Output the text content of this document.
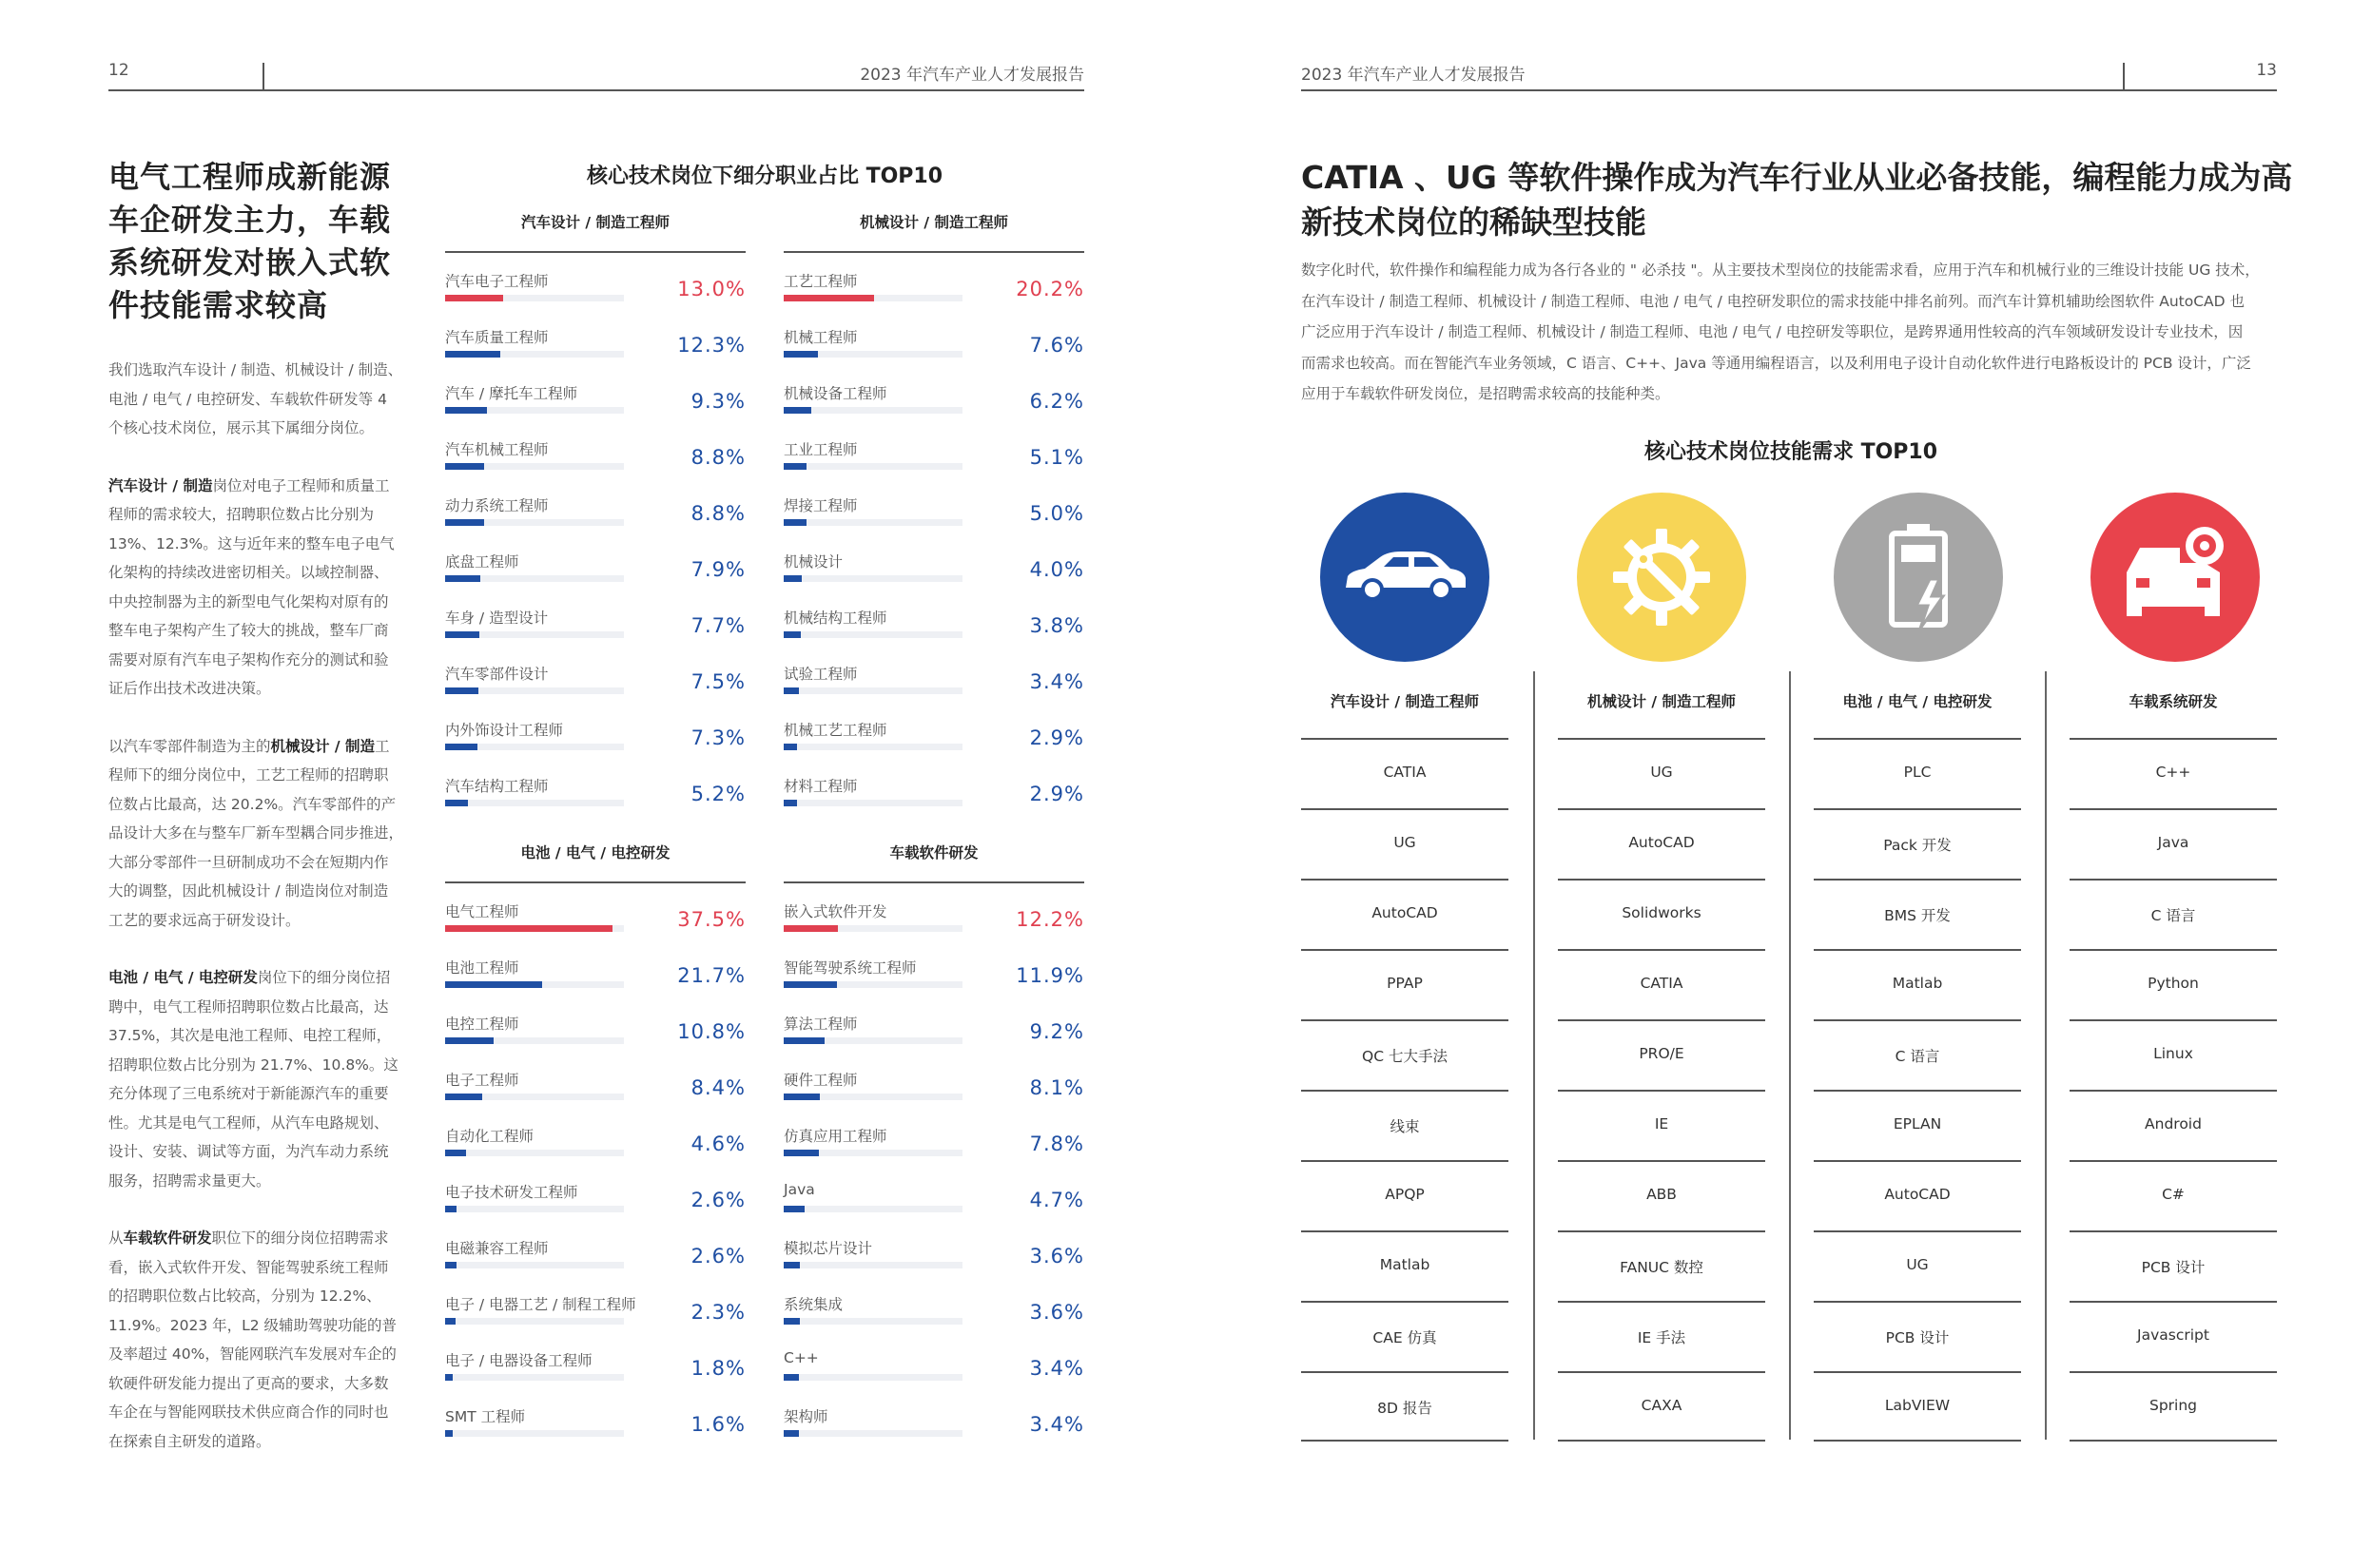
12	2023 年汽车产业人才发展报告
电气工程师成新能源
车企研发主力，车载
系统研发对嵌入式软
件技能需求较高
我们选取汽车设计 / 制造、机械设计 / 制造、
电池 / 电气 / 电控研发、车载软件研发等 4
个核心技术岗位，展示其下属细分岗位。
汽车设计 / 制造岗位对电子工程师和质量工
程师的需求较大，招聘职位数占比分别为
13%、12.3%。这与近年来的整车电子电气
化架构的持续改进密切相关。以域控制器、
中央控制器为主的新型电气化架构对原有的
整车电子架构产生了较大的挑战，整车厂商
需要对原有汽车电子架构作充分的测试和验
证后作出技术改进决策。
以汽车零部件制造为主的机械设计 / 制造工
程师下的细分岗位中，工艺工程师的招聘职
位数占比最高，达 20.2%。汽车零部件的产
品设计大多在与整车厂新车型耦合同步推进，
大部分零部件一旦研制成功不会在短期内作
大的调整，因此机械设计 / 制造岗位对制造
工艺的要求远高于研发设计。
电池 / 电气 / 电控研发岗位下的细分岗位招
聘中，电气工程师招聘职位数占比最高，达
37.5%，其次是电池工程师、电控工程师，
招聘职位数占比分别为 21.7%、10.8%。这
充分体现了三电系统对于新能源汽车的重要
性。尤其是电气工程师，从汽车电路规划、
设计、安装、调试等方面，为汽车动力系统
服务，招聘需求量更大。
从车载软件研发职位下的细分岗位招聘需求
看，嵌入式软件开发、智能驾驶系统工程师
的招聘职位数占比较高，分别为 12.2%、
11.9%。2023 年，L2 级辅助驾驶功能的普
及率超过 40%，智能网联汽车发展对车企的
软硬件研发能力提出了更高的要求，大多数
车企在与智能网联技术供应商合作的同时也
在探索自主研发的道路。
核心技术岗位下细分职业占比 TOP10
汽车设计 / 制造工程师
汽车电子工程师	13.0%
汽车质量工程师	12.3%
汽车 / 摩托车工程师	9.3%
汽车机械工程师	8.8%
动力系统工程师	8.8%
底盘工程师	7.9%
车身 / 造型设计	7.7%
汽车零部件设计	7.5%
内外饰设计工程师	7.3%
汽车结构工程师	5.2%
机械设计 / 制造工程师
工艺工程师	20.2%
机械工程师	7.6%
机械设备工程师	6.2%
工业工程师	5.1%
焊接工程师	5.0%
机械设计	4.0%
机械结构工程师	3.8%
试验工程师	3.4%
机械工艺工程师	2.9%
材料工程师	2.9%
电池 / 电气 / 电控研发
电气工程师	37.5%
电池工程师	21.7%
电控工程师	10.8%
电子工程师	8.4%
自动化工程师	4.6%
电子技术研发工程师	2.6%
电磁兼容工程师	2.6%
电子 / 电器工艺 / 制程工程师	2.3%
电子 / 电器设备工程师	1.8%
SMT 工程师	1.6%
车载软件研发
嵌入式软件开发	12.2%
智能驾驶系统工程师	11.9%
算法工程师	9.2%
硬件工程师	8.1%
仿真应用工程师	7.8%
Java	4.7%
模拟芯片设计	3.6%
系统集成	3.6%
C++	3.4%
架构师	3.4%
2023 年汽车产业人才发展报告	13
CATIA 、UG 等软件操作成为汽车行业从业必备技能，编程能力成为高
新技术岗位的稀缺型技能
数字化时代，软件操作和编程能力成为各行各业的 " 必杀技 "。从主要技术型岗位的技能需求看，应用于汽车和机械行业的三维设计技能 UG 技术，
在汽车设计 / 制造工程师、机械设计 / 制造工程师、电池 / 电气 / 电控研发职位的需求技能中排名前列。而汽车计算机辅助绘图软件 AutoCAD 也
广泛应用于汽车设计 / 制造工程师、机械设计 / 制造工程师、电池 / 电气 / 电控研发等职位，是跨界通用性较高的汽车领域研发设计专业技术，因
而需求也较高。而在智能汽车业务领域，C 语言、C++、Java 等通用编程语言，以及利用电子设计自动化软件进行电路板设计的 PCB 设计，广泛
应用于车载软件研发岗位，是招聘需求较高的技能种类。
核心技术岗位技能需求 TOP10
汽车设计 / 制造工程师
CATIA
UG
AutoCAD
PPAP
QC 七大手法
线束
APQP
Matlab
CAE 仿真
8D 报告
机械设计 / 制造工程师
UG
AutoCAD
Solidworks
CATIA
PRO/E
IE
ABB
FANUC 数控
IE 手法
CAXA
电池 / 电气 / 电控研发
PLC
Pack 开发
BMS 开发
Matlab
C 语言
EPLAN
AutoCAD
UG
PCB 设计
LabVIEW
车载系统研发
C++
Java
C 语言
Python
Linux
Android
C#
PCB 设计
Javascript
Spring
